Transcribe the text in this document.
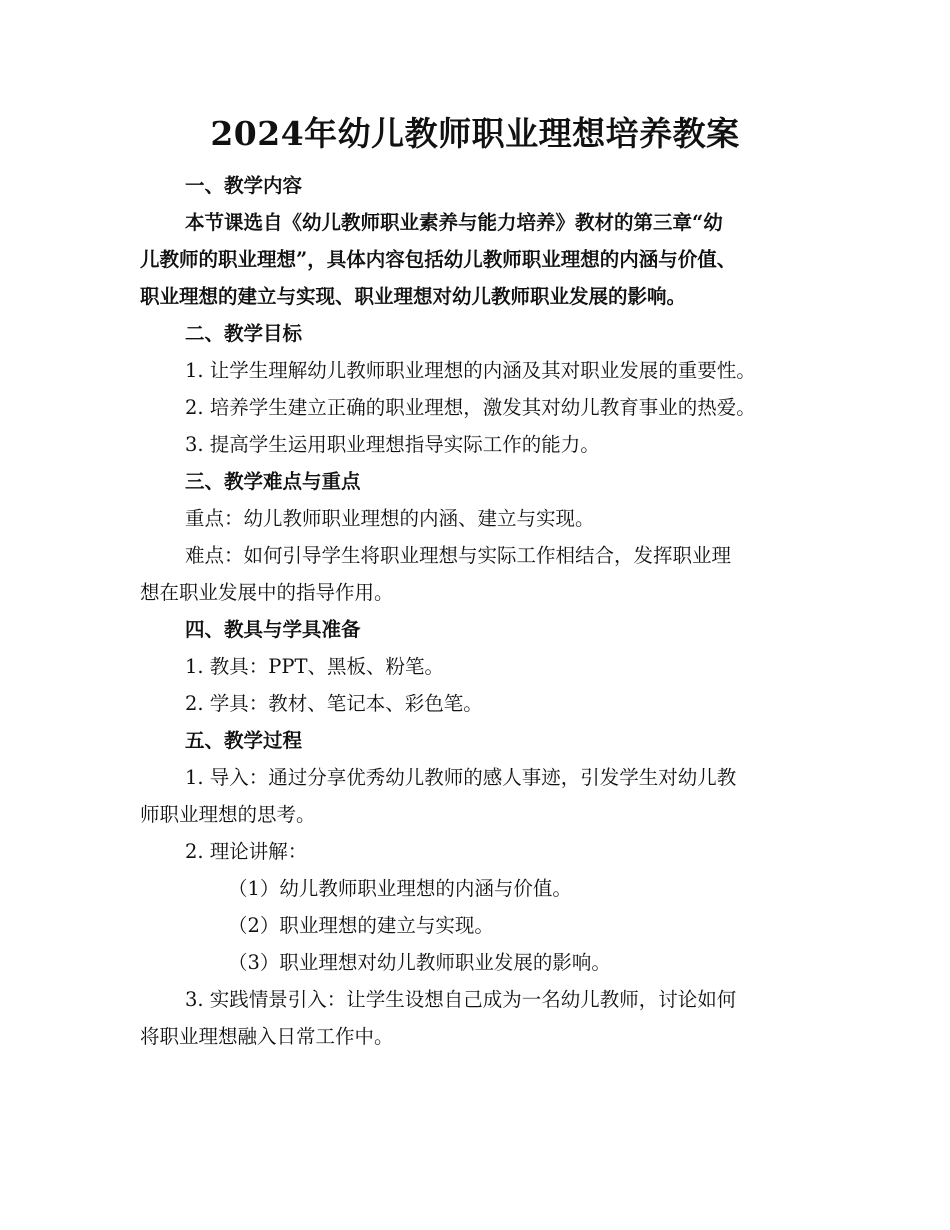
2024年幼儿教师职业理想培养教案
一、教学内容
本节课选自《幼儿教师职业素养与能力培养》教材的第三章“幼
儿教师的职业理想”，具体内容包括幼儿教师职业理想的内涵与价值、
职业理想的建立与实现、职业理想对幼儿教师职业发展的影响。
二、教学目标
1. 让学生理解幼儿教师职业理想的内涵及其对职业发展的重要性。
2. 培养学生建立正确的职业理想，激发其对幼儿教育事业的热爱。
3. 提高学生运用职业理想指导实际工作的能力。
三、教学难点与重点
重点：幼儿教师职业理想的内涵、建立与实现。
难点：如何引导学生将职业理想与实际工作相结合，发挥职业理
想在职业发展中的指导作用。
四、教具与学具准备
1. 教具：PPT、黑板、粉笔。
2. 学具：教材、笔记本、彩色笔。
五、教学过程
1. 导入：通过分享优秀幼儿教师的感人事迹，引发学生对幼儿教
师职业理想的思考。
2. 理论讲解：
（1）幼儿教师职业理想的内涵与价值。
（2）职业理想的建立与实现。
（3）职业理想对幼儿教师职业发展的影响。
3. 实践情景引入：让学生设想自己成为一名幼儿教师，讨论如何
将职业理想融入日常工作中。
